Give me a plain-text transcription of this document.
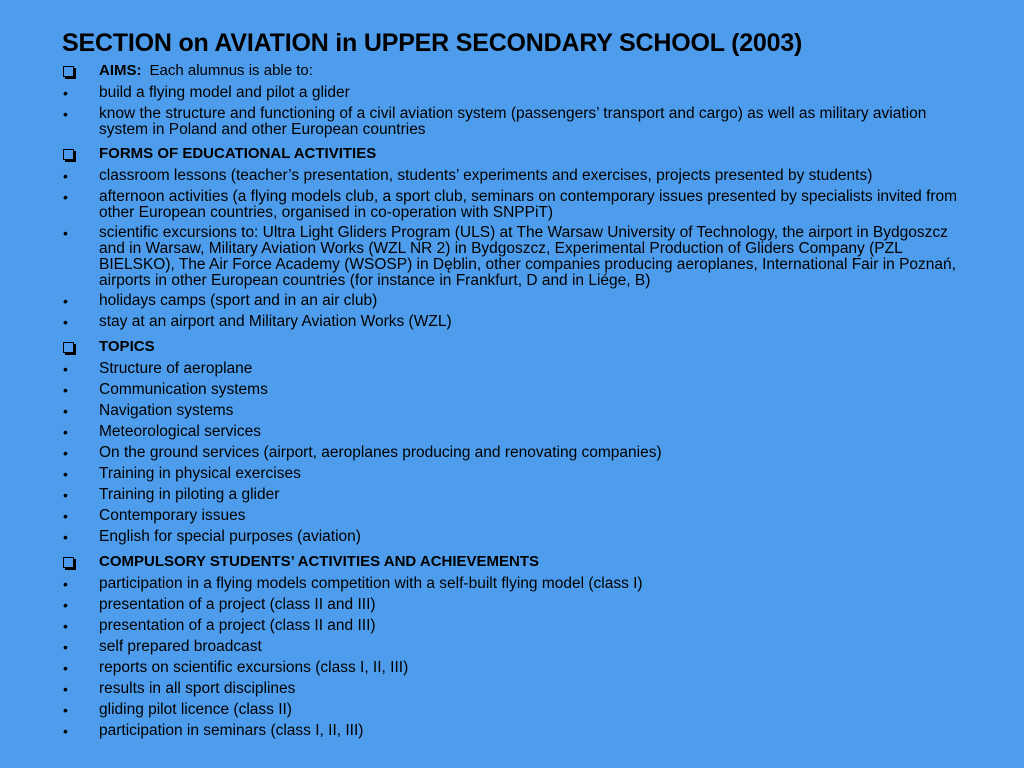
SECTION on AVIATION in UPPER SECONDARY SCHOOL (2003)
AIMS: Each alumnus is able to:
•	build a flying model and pilot a glider
•	know the structure and functioning of a civil aviation system (passengers’ transport and cargo) as well as military aviation system in Poland and other European countries
FORMS OF EDUCATIONAL ACTIVITIES
•	classroom lessons (teacher’s presentation, students’ experiments and exercises, projects presented by students)
•	afternoon activities (a flying models club, a sport club, seminars on contemporary issues presented by specialists invited from other European countries, organised in co-operation with SNPPiT)
•	scientific excursions to: Ultra Light Gliders Program (ULS) at The Warsaw University of Technology, the airport in Bydgoszcz and in Warsaw, Military Aviation Works (WZL NR 2) in Bydgoszcz, Experimental Production of Gliders Company (PZL BIELSKO), The Air Force Academy (WSOSP) in Dęblin, other companies producing aeroplanes, International Fair in Poznań, airports in other European countries (for instance in Frankfurt, D and in Liége, B)
•	holidays camps (sport and in an air club)
•	stay at an airport and Military Aviation Works (WZL)
TOPICS
•	Structure of aeroplane
•	Communication systems
•	Navigation systems
•	Meteorological services
•	On the ground services (airport, aeroplanes producing and renovating companies)
•	Training in physical exercises
•	Training in piloting a glider
•	Contemporary issues
•	English for special purposes (aviation)
COMPULSORY STUDENTS’ ACTIVITIES AND ACHIEVEMENTS
•	participation in a flying models competition with a self-built flying model (class I)
•	presentation of a project (class II and III)
•	presentation of a project (class II and III)
•	self prepared broadcast
•	reports on scientific excursions (class I, II, III)
•	results in all sport disciplines
•	gliding pilot licence (class II)
•	participation in seminars (class I, II, III)
